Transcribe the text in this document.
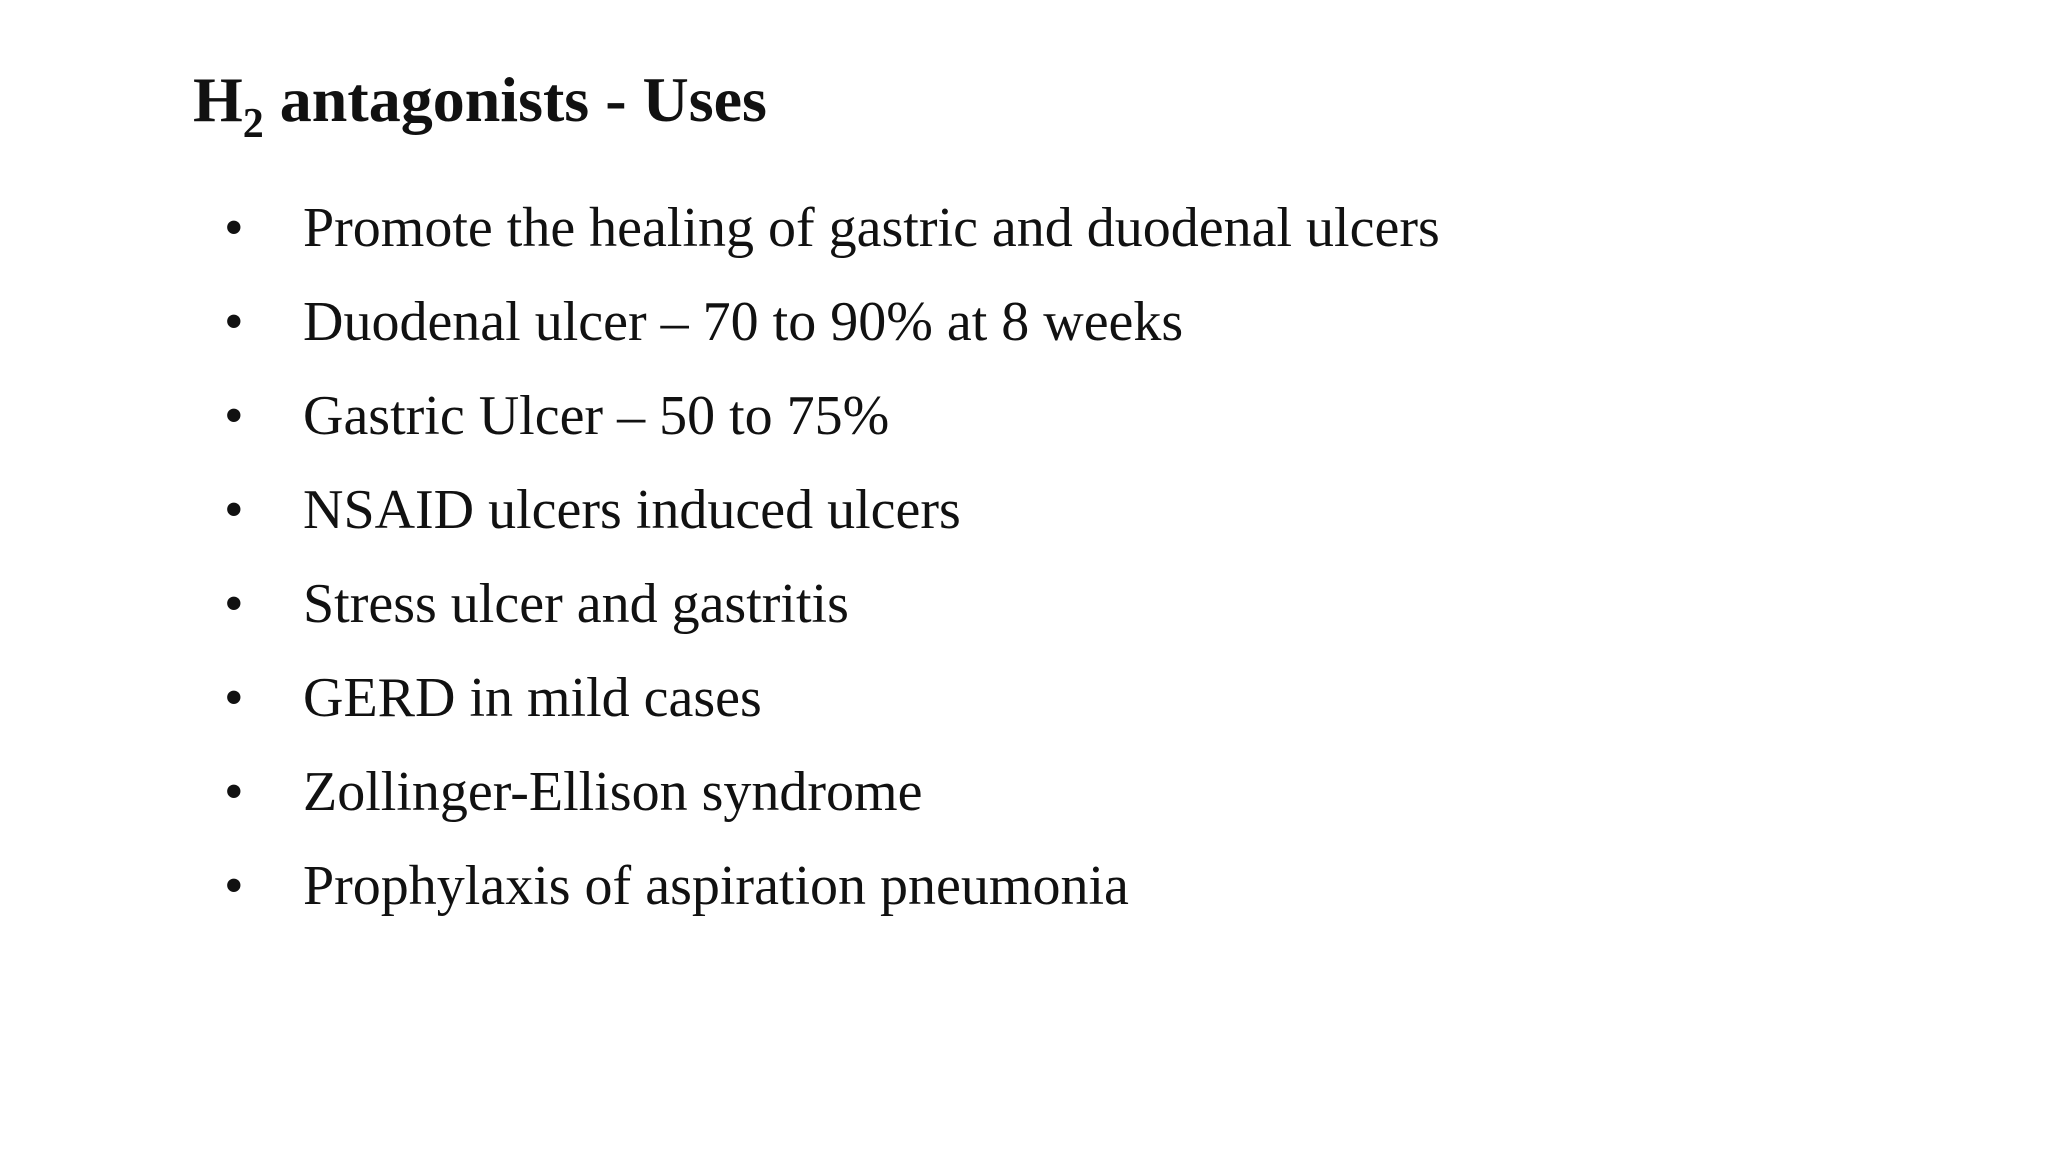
$H_2$ antagonists - Uses
• Promote the healing of gastric and duodenal ulcers
• Duodenal ulcer – 70 to 90% at 8 weeks
• Gastric Ulcer – 50 to 75%
• NSAID ulcers induced ulcers
• Stress ulcer and gastritis
• GERD in mild cases
• Zollinger-Ellison syndrome
• Prophylaxis of aspiration pneumonia
